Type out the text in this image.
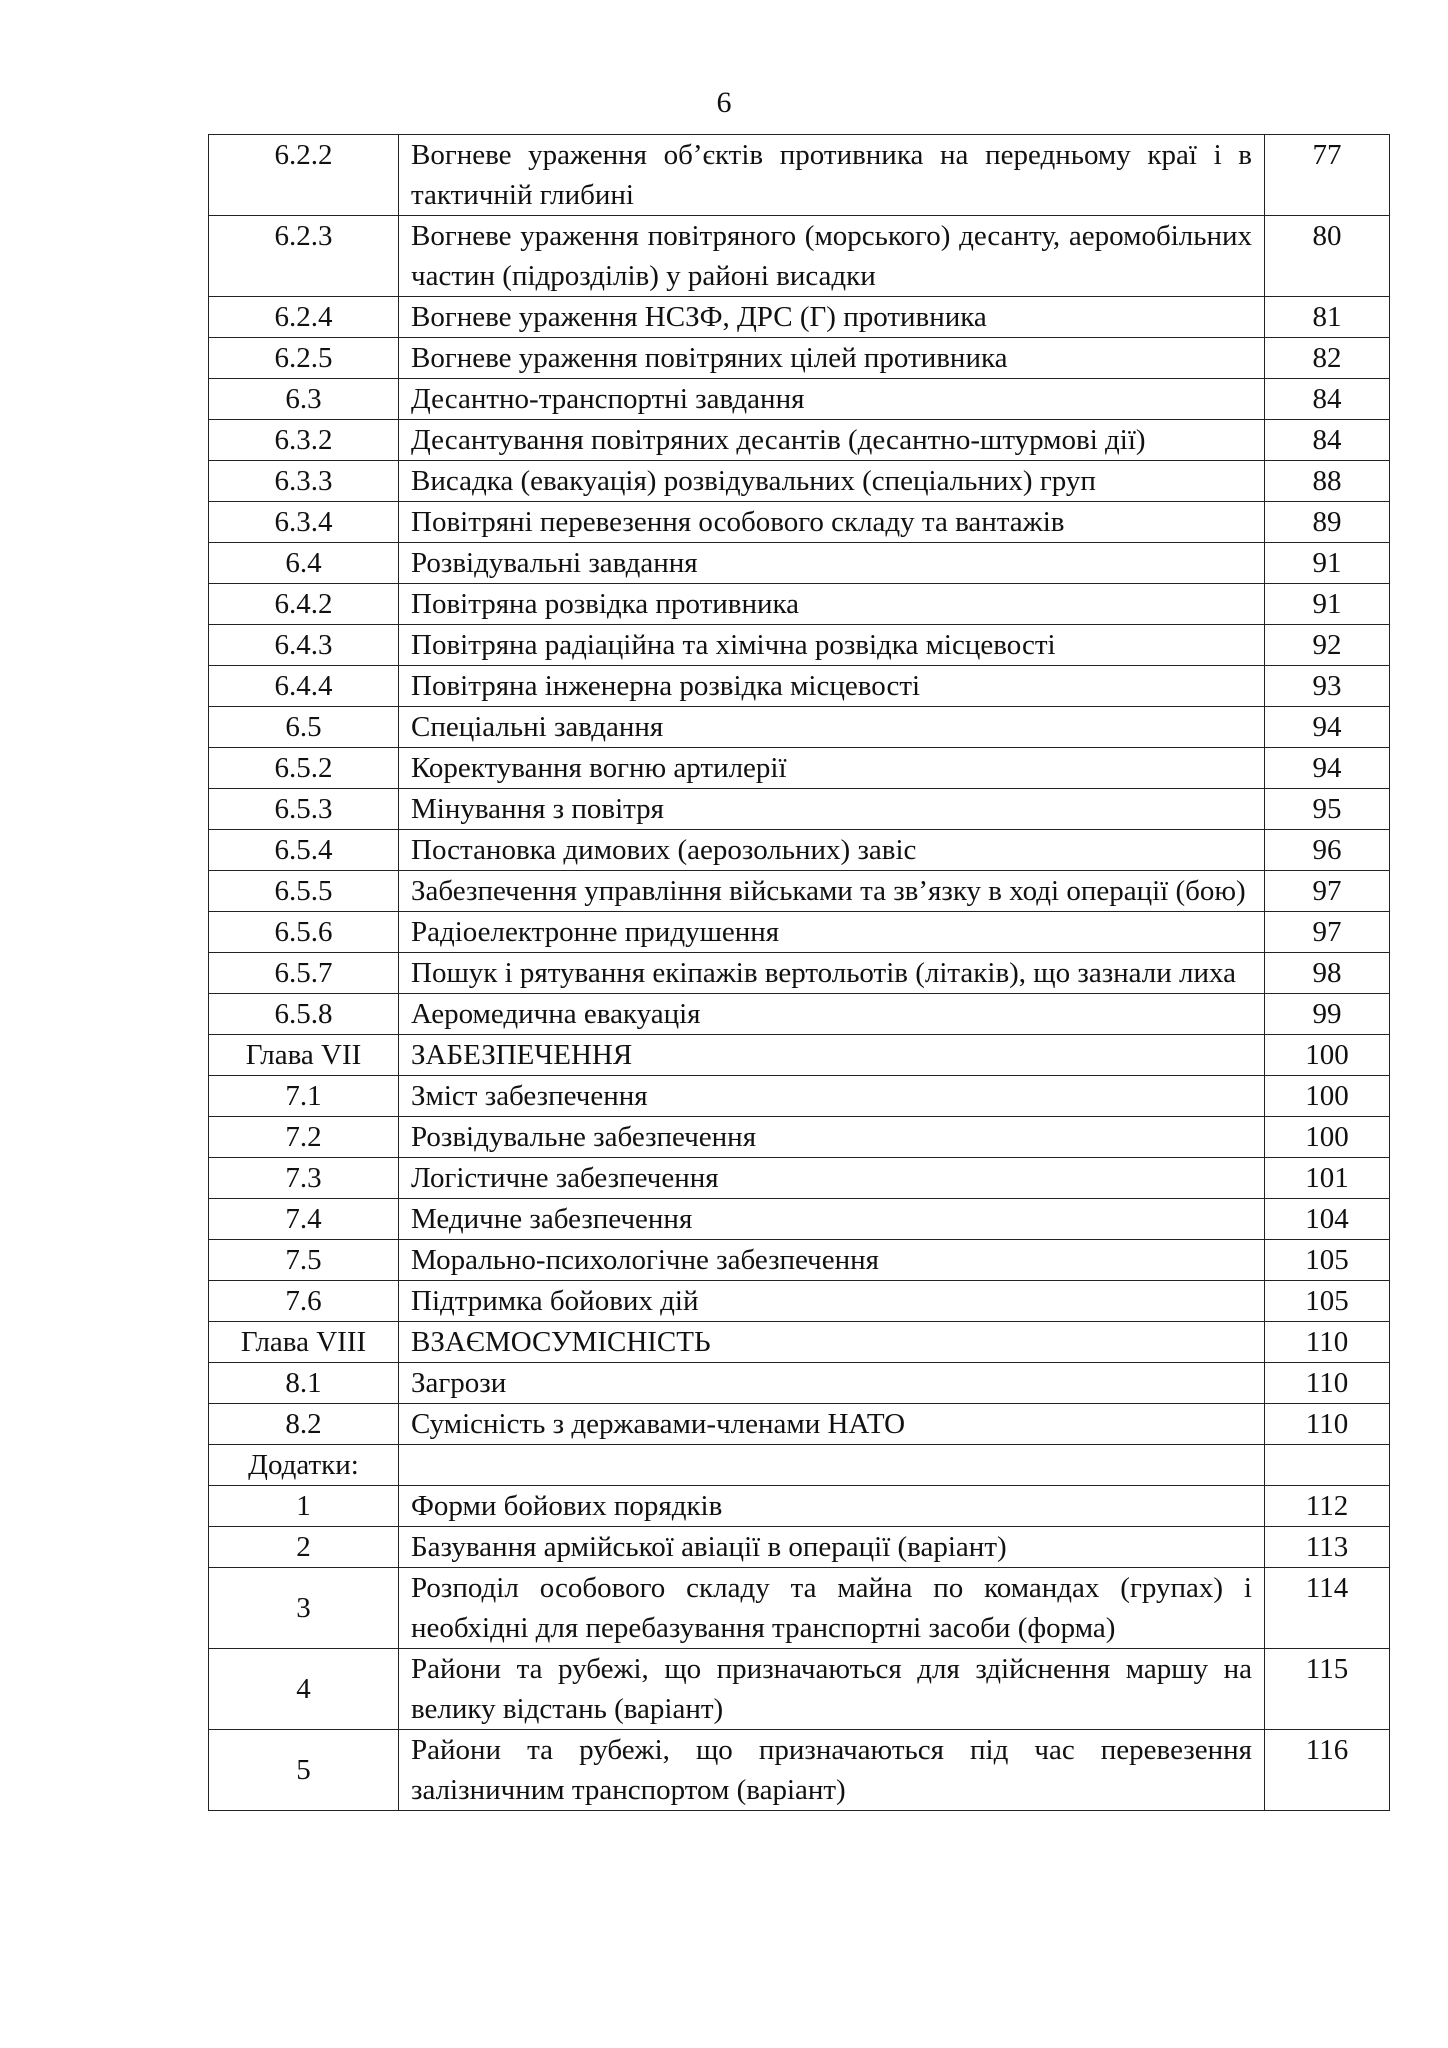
6
6.2.2	Вогневе ураження об’єктів противника на передньому краї і в тактичній глибині	77
6.2.3	Вогневе ураження повітряного (морського) десанту, аеромобільних частин (підрозділів) у районі висадки	80
6.2.4	Вогневе ураження НСЗФ, ДРС (Г) противника	81
6.2.5	Вогневе ураження повітряних цілей противника	82
6.3	Десантно-транспортні завдання	84
6.3.2	Десантування повітряних десантів (десантно-штурмові дії)	84
6.3.3	Висадка (евакуація) розвідувальних (спеціальних) груп	88
6.3.4	Повітряні перевезення особового складу та вантажів	89
6.4	Розвідувальні завдання	91
6.4.2	Повітряна розвідка противника	91
6.4.3	Повітряна радіаційна та хімічна розвідка місцевості	92
6.4.4	Повітряна інженерна розвідка місцевості	93
6.5	Спеціальні завдання	94
6.5.2	Коректування вогню артилерії	94
6.5.3	Мінування з повітря	95
6.5.4	Постановка димових (аерозольних) завіс	96
6.5.5	Забезпечення управління військами та зв’язку в ході операції (бою)	97
6.5.6	Радіоелектронне придушення	97
6.5.7	Пошук і рятування екіпажів вертольотів (літаків), що зазнали лиха	98
6.5.8	Аеромедична евакуація	99
Глава VII	ЗАБЕЗПЕЧЕННЯ	100
7.1	Зміст забезпечення	100
7.2	Розвідувальне забезпечення	100
7.3	Логістичне забезпечення	101
7.4	Медичне забезпечення	104
7.5	Морально-психологічне забезпечення	105
7.6	Підтримка бойових дій	105
Глава VIII	ВЗАЄМОСУМІСНІСТЬ	110
8.1	Загрози	110
8.2	Сумісність з державами-членами НАТО	110
Додатки:		
1	Форми бойових порядків	112
2	Базування армійської авіації в операції (варіант)	113
3	Розподіл особового складу та майна по командах (групах) і необхідні для перебазування транспортні засоби (форма)	114
4	Райони та рубежі, що призначаються для здійснення маршу на велику відстань (варіант)	115
5	Райони та рубежі, що призначаються під час перевезення залізничним транспортом (варіант)	116
